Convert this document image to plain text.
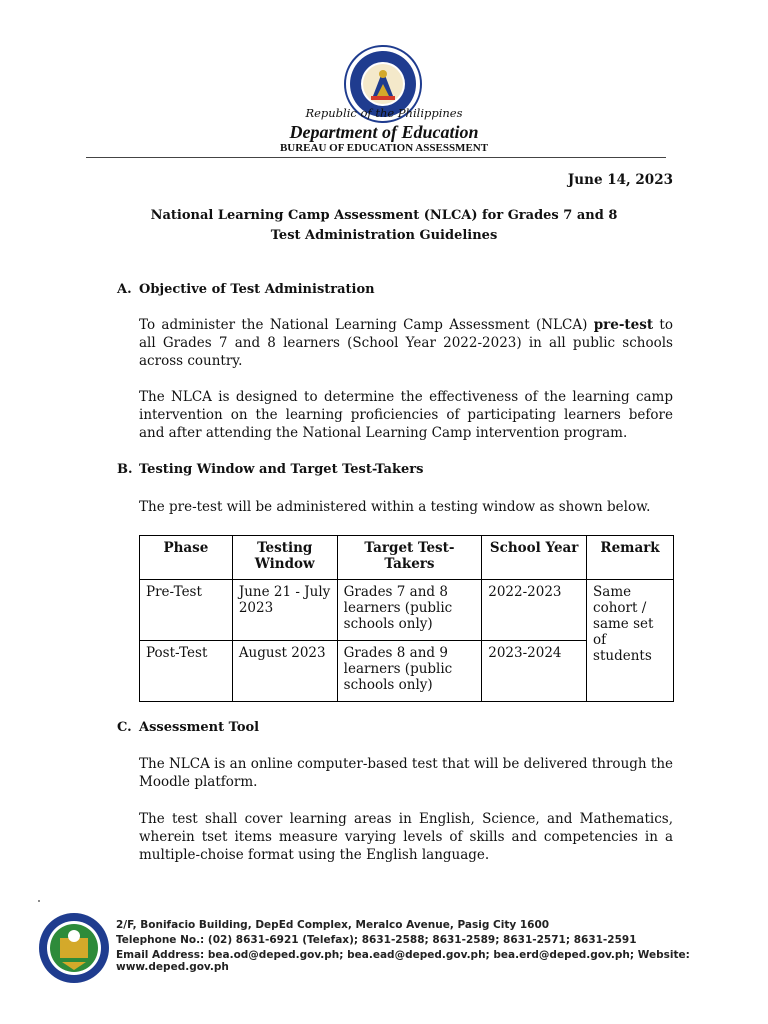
Republic of the Philippines
Department of Education
BUREAU OF EDUCATION ASSESSMENT
June 14, 2023
National Learning Camp Assessment (NLCA) for Grades 7 and 8
Test Administration Guidelines
A. Objective of Test Administration
To administer the National Learning Camp Assessment (NLCA) pre-test to all Grades 7 and 8 learners (School Year 2022-2023) in all public schools across country.
The NLCA is designed to determine the effectiveness of the learning camp intervention on the learning proficiencies of participating learners before and after attending the National Learning Camp intervention program.
B. Testing Window and Target Test-Takers
The pre-test will be administered within a testing window as shown below.
Phase	Testing Window	Target Test-Takers	School Year	Remark
Pre-Test	June 21 - July 2023	Grades 7 and 8 learners (public schools only)	2022-2023	Same cohort / same set of students
Post-Test	August 2023	Grades 8 and 9 learners (public schools only)	2023-2024	
C. Assessment Tool
The NLCA is an online computer-based test that will be delivered through the Moodle platform.
The test shall cover learning areas in English, Science, and Mathematics, wherein tset items measure varying levels of skills and competencies in a multiple-choise format using the English language.
2/F, Bonifacio Building, DepEd Complex, Meralco Avenue, Pasig City 1600
Telephone No.: (02) 8631-6921 (Telefax); 8631-2588; 8631-2589; 8631-2571; 8631-2591
Email Address: bea.od@deped.gov.ph; bea.ead@deped.gov.ph; bea.erd@deped.gov.ph; Website: www.deped.gov.ph
